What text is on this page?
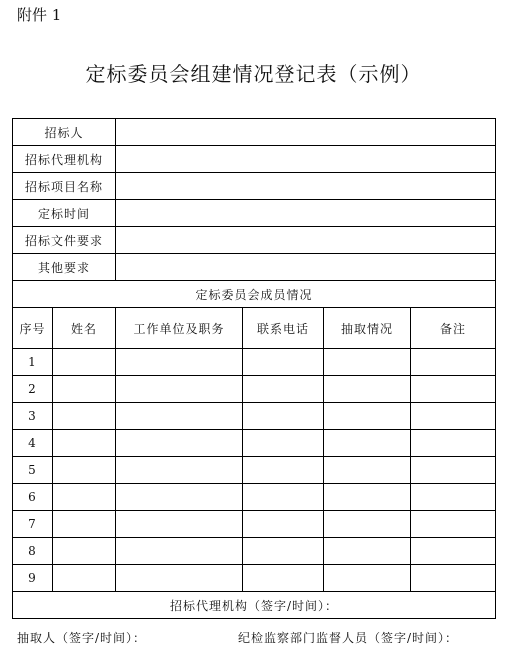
附件 1
定标委员会组建情况登记表（示例）
招标人					
招标代理机构					
招标项目名称					
定标时间					
招标文件要求					
其他要求					
定标委员会成员情况					
序号	姓名	工作单位及职务	联系电话	抽取情况	备注
1					
2					
3					
4					
5					
6					
7					
8					
9					
招标代理机构（签字/时间）：					
抽取人（签字/时间）：	纪检监察部门监督人员（签字/时间）：
